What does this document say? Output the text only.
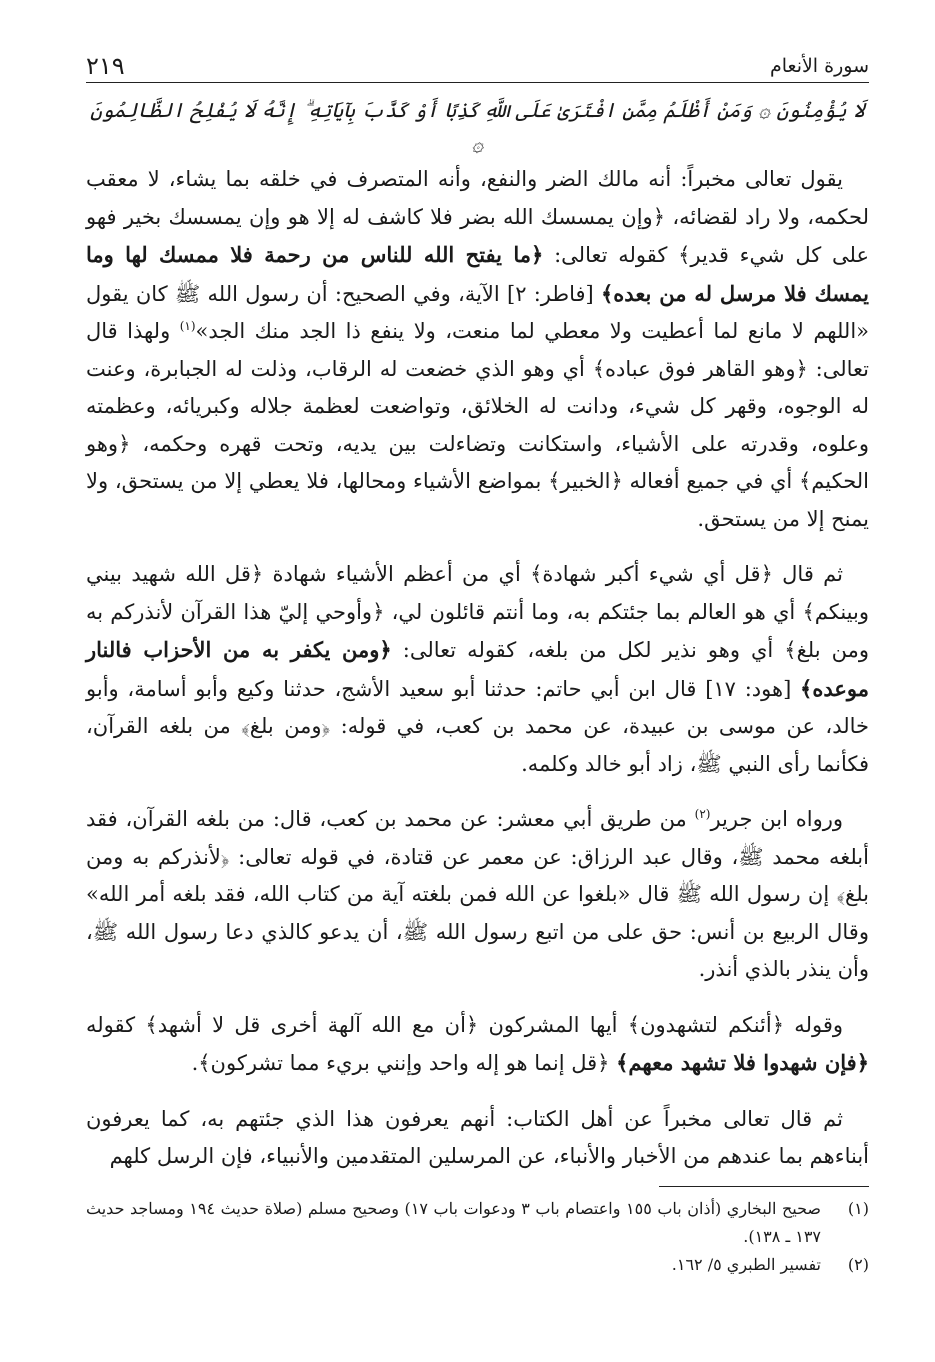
سورة الأنعام
٢١٩
لَا يُؤْمِنُونَ ۞ وَمَنْ أَظْلَمُ مِمَّنِ افْتَرَىٰ عَلَى اللَّهِ كَذِبًا أَوْ كَذَّبَ بِآيَاتِهِ ۗ إِنَّهُ لَا يُفْلِحُ الظَّالِمُونَ ۞

يقول تعالى مخبراً: أنه مالك الضر والنفع، وأنه المتصرف في خلقه بما يشاء، لا معقب لحكمه، ولا راد لقضائه، ﴿وإن يمسسك الله بضر فلا كاشف له إلا هو وإن يمسسك بخير فهو على كل شيء قدير﴾ كقوله تعالى: ﴿ما يفتح الله للناس من رحمة فلا ممسك لها وما يمسك فلا مرسل له من بعده﴾ [فاطر: ٢] الآية، وفي الصحيح: أن رسول الله ﷺ كان يقول «اللهم لا مانع لما أعطيت ولا معطي لما منعت، ولا ينفع ذا الجد منك الجد»$^{(١)}$ ولهذا قال تعالى: ﴿وهو القاهر فوق عباده﴾ أي وهو الذي خضعت له الرقاب، وذلت له الجبابرة، وعنت له الوجوه، وقهر كل شيء، ودانت له الخلائق، وتواضعت لعظمة جلاله وكبريائه، وعظمته وعلوه، وقدرته على الأشياء، واستكانت وتضاءلت بين يديه، وتحت قهره وحكمه، ﴿وهو الحكيم﴾ أي في جميع أفعاله ﴿الخبير﴾ بمواضع الأشياء ومحالها، فلا يعطي إلا من يستحق، ولا يمنح إلا من يستحق.

ثم قال ﴿قل أي شيء أكبر شهادة﴾ أي من أعظم الأشياء شهادة ﴿قل الله شهيد بيني وبينكم﴾ أي هو العالم بما جئتكم به، وما أنتم قائلون لي، ﴿وأوحي إليّ هذا القرآن لأنذركم به ومن بلغ﴾ أي وهو نذير لكل من بلغه، كقوله تعالى: ﴿ومن يكفر به من الأحزاب فالنار موعده﴾ [هود: ١٧] قال ابن أبي حاتم: حدثنا أبو سعيد الأشج، حدثنا وكيع وأبو أسامة، وأبو خالد، عن موسى بن عبيدة، عن محمد بن كعب، في قوله: ﴿ومن بلغ﴾ من بلغه القرآن، فكأنما رأى النبي ﷺ، زاد أبو خالد وكلمه.

ورواه ابن جرير$^{(٢)}$ من طريق أبي معشر: عن محمد بن كعب، قال: من بلغه القرآن، فقد أبلغه محمد ﷺ، وقال عبد الرزاق: عن معمر عن قتادة، في قوله تعالى: ﴿لأنذركم به ومن بلغ﴾ إن رسول الله ﷺ قال «بلغوا عن الله فمن بلغته آية من كتاب الله، فقد بلغه أمر الله» وقال الربيع بن أنس: حق على من اتبع رسول الله ﷺ، أن يدعو كالذي دعا رسول الله ﷺ، وأن ينذر بالذي أنذر.

وقوله ﴿أئنكم لتشهدون﴾ أيها المشركون ﴿أن مع الله آلهة أخرى قل لا أشهد﴾ كقوله ﴿فإن شهدوا فلا تشهد معهم﴾ ﴿قل إنما هو إله واحد وإنني بريء مما تشركون﴾.

ثم قال تعالى مخبراً عن أهل الكتاب: أنهم يعرفون هذا الذي جئتهم به، كما يعرفون أبناءهم بما عندهم من الأخبار والأنباء، عن المرسلين المتقدمين والأنبياء، فإن الرسل كلهم

(١)
صحيح البخاري (أذان باب ١٥٥ واعتصام باب ٣ ودعوات باب ١٧) وصحيح مسلم (صلاة حديث ١٩٤ ومساجد حديث ١٣٧ ـ ١٣٨).
(٢)
تفسير الطبري ٥/ ١٦٢.
